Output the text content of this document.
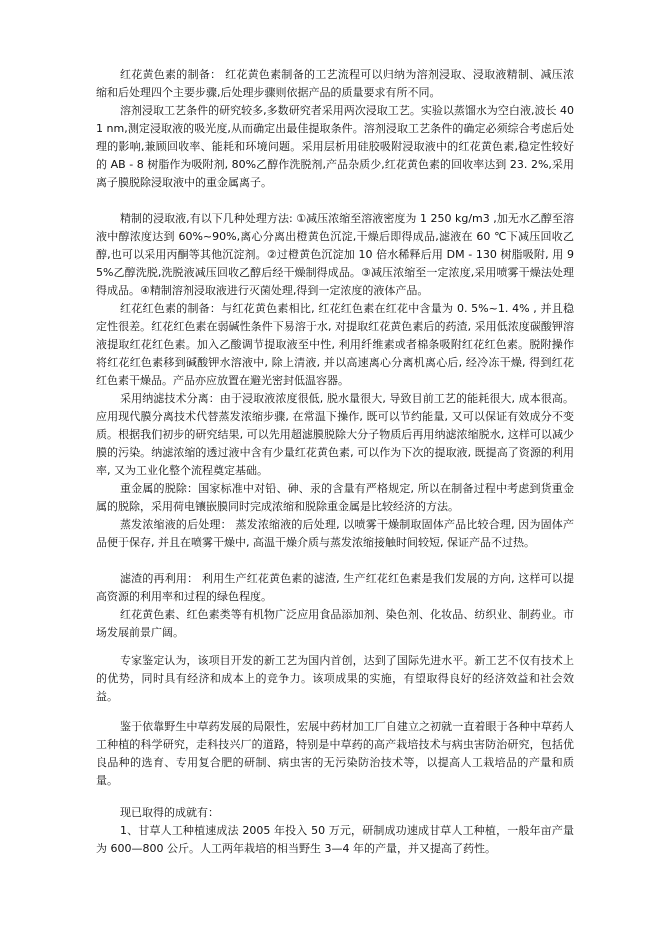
红花黄色素的制备： 红花黄色素制备的工艺流程可以归纳为溶剂浸取、浸取液精制、减压浓缩和后处理四个主要步骤,后处理步骤则依据产品的质量要求有所不同。

溶剂浸取工艺条件的研究较多,多数研究者采用两次浸取工艺。实验以蒸馏水为空白液,波长 401 nm,测定浸取液的吸光度,从而确定出最佳提取条件。溶剂浸取工艺条件的确定必须综合考虑后处理的影响,兼顾回收率、能耗和环境问题。采用层析用硅胶吸附浸取液中的红花黄色素,稳定性较好的 AB - 8 树脂作为吸附剂, 80%乙醇作洗脱剂,产品杂质少,红花黄色素的回收率达到 23. 2%,采用离子膜脱除浸取液中的重金属离子。

精制的浸取液,有以下几种处理方法: ①减压浓缩至溶液密度为 1 250 kg/m3 ,加无水乙醇至溶液中醇浓度达到 60%~90%,离心分离出橙黄色沉淀,干燥后即得成品,滤液在 60 ℃下减压回收乙醇,也可以采用丙酮等其他沉淀剂。②过橙黄色沉淀加 10 倍水稀释后用 DM - 130 树脂吸附, 用 95%乙醇洗脱,洗脱液减压回收乙醇后经干燥制得成品。③减压浓缩至一定浓度,采用喷雾干燥法处理得成品。④精制溶剂浸取液进行灭菌处理,得到一定浓度的液体产品。

红花红色素的制备：与红花黄色素相比, 红花红色素在红花中含量为 0. 5%~1. 4% , 并且稳定性很差。红花红色素在弱碱性条件下易溶于水, 对提取红花黄色素后的药渣, 采用低浓度碳酸钾溶液提取红花红色素。加入乙酸调节提取液至中性, 利用纤维素或者棉条吸附红花红色素。脱附操作将红花红色素移到碱酸钾水溶液中, 除上清液, 并以高速离心分离机离心后, 经冷冻干燥, 得到红花红色素干燥品。产品亦应放置在避光密封低温容器。

采用纳滤技术分离：由于浸取液浓度很低, 脱水量很大, 导致目前工艺的能耗很大, 成本很高。应用现代膜分离技术代替蒸发浓缩步骤, 在常温下操作, 既可以节约能量, 又可以保证有效成分不变质。根据我们初步的研究结果, 可以先用超滤膜脱除大分子物质后再用纳滤浓缩脱水, 这样可以减少膜的污染。纳滤浓缩的透过液中含有少量红花黄色素, 可以作为下次的提取液, 既提高了资源的利用率, 又为工业化整个流程奠定基础。

重金属的脱除：国家标准中对铅、砷、汞的含量有严格规定, 所以在制备过程中考虑到货重金属的脱除，采用荷电镶嵌膜同时完成浓缩和脱除重金属是比较经济的方法。

蒸发浓缩液的后处理： 蒸发浓缩液的后处理, 以喷雾干燥制取固体产品比较合理, 因为固体产品便于保存, 并且在喷雾干燥中, 高温干燥介质与蒸发浓缩接触时间较短, 保证产品不过热。

滤渣的再利用： 利用生产红花黄色素的滤渣, 生产红花红色素是我们发展的方向, 这样可以提高资源的利用率和过程的绿色程度。

红花黄色素、红色素类等有机物广泛应用食品添加剂、染色剂、化妆品、纺织业、制药业。市场发展前景广阔。

专家鉴定认为，该项目开发的新工艺为国内首创，达到了国际先进水平。新工艺不仅有技术上的优势，同时具有经济和成本上的竞争力。该项成果的实施，有望取得良好的经济效益和社会效益。

鉴于依靠野生中草药发展的局限性，宏展中药材加工厂自建立之初就一直着眼于各种中草药人工种植的科学研究，走科技兴厂的道路，特别是中草药的高产栽培技术与病虫害防治研究，包括优良品种的选育、专用复合肥的研制、病虫害的无污染防治技术等，以提高人工栽培品的产量和质量。

现已取得的成就有：

1、甘草人工种植速成法 2005 年投入 50 万元，研制成功速成甘草人工种植，一般年亩产量为 600—800 公斤。人工两年栽培的相当野生 3—4 年的产量，并又提高了药性。
